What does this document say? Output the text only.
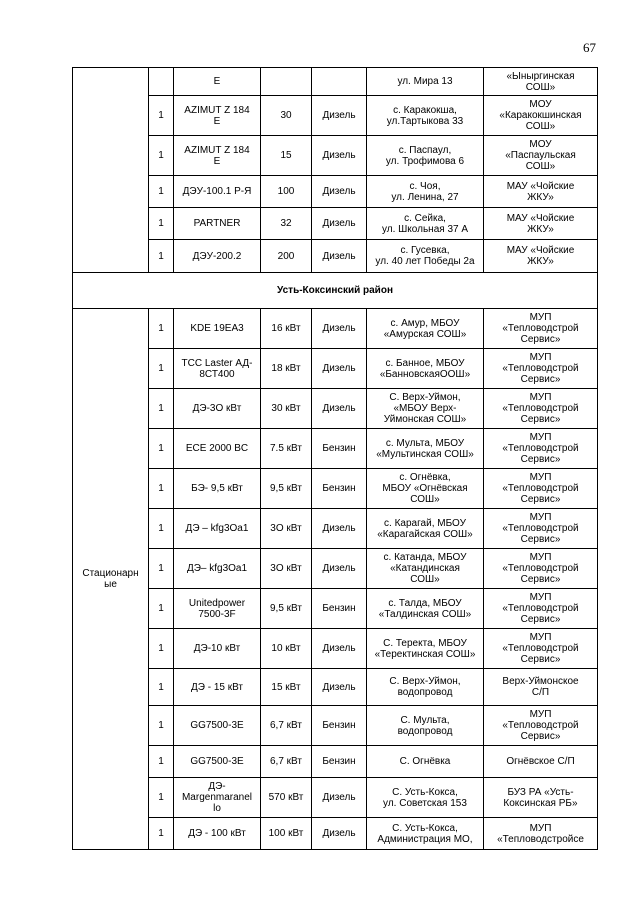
67

		E			ул. Мира 13	«Ыныргинская
СОШ»

	1	AZIMUT Z 184
E	30	Дизель	с. Каракокша,
ул.Тартыкова 33	МОУ
«Каракокшинская
СОШ»

	1	AZIMUT Z 184
E	15	Дизель	с. Паспаул,
ул. Трофимова 6	МОУ
«Паспаульская
СОШ»

	1	ДЭУ-100.1 Р-Я	100	Дизель	с. Чоя,
ул. Ленина, 27	МАУ «Чойские
ЖКУ»

	1	PARTNER	32	Дизель	с. Сейка,
ул. Школьная 37 А	МАУ «Чойские
ЖКУ»

	1	ДЭУ-200.2	200	Дизель	с. Гусевка,
ул. 40 лет Победы 2а	МАУ «Чойские
ЖКУ»

Усть-Коксинский район						

Стационарн
ые	1	KDE 19EA3	16 кВт	Дизель	с. Амур, МБОУ
«Амурская СОШ»	МУП
«Тепловодстрой
Сервис»

	1	TCC Laster АД-
8СТ400	18 кВт	Дизель	с. Банное, МБОУ
«БанновскаяООШ»	МУП
«Тепловодстрой
Сервис»

	1	ДЭ-3О кВт	30 кВт	Дизель	С. Верх-Уймон,
«МБОУ Верх-
Уймонская СОШ»	МУП
«Тепловодстрой
Сервис»

	1	ECE 2000 BC	7.5 кВт	Бензин	с. Мульта, МБОУ
«Мультинская СОШ»	МУП
«Тепловодстрой
Сервис»

	1	БЭ- 9,5 кВт	9,5 кВт	Бензин	с. Огнёвка,
МБОУ «Огнёвская
СОШ»	МУП
«Тепловодстрой
Сервис»

	1	ДЭ – kfg3Oa1	3О кВт	Дизель	с. Карагай, МБОУ
«Карагайская СОШ»	МУП
«Тепловодстрой
Сервис»

	1	ДЭ– kfg3Oa1	3О кВт	Дизель	с. Катанда, МБОУ
«Катандинская
СОШ»	МУП
«Тепловодстрой
Сервис»

	1	Unitedpower
7500-3F	9,5 кВт	Бензин	с. Талда, МБОУ
«Талдинская СОШ»	МУП
«Тепловодстрой
Сервис»

	1	ДЭ-10 кВт	10 кВт	Дизель	С. Теректа, МБОУ
«Теректинская СОШ»	МУП
«Тепловодстрой
Сервис»

	1	ДЭ - 15 кВт	15 кВт	Дизель	С. Верх-Уймон,
водопровод	Верх-Уймонское
С/П

	1	GG7500-3E	6,7 кВт	Бензин	С. Мульта,
водопровод	МУП
«Тепловодстрой
Сервис»

	1	GG7500-3E	6,7 кВт	Бензин	С. Огнёвка	Огнёвское С/П

	1	ДЭ-
Margenmaranel
lo	570 кВт	Дизель	С. Усть-Кокса,
ул. Советская 153	БУЗ РА «Усть-
Коксинская РБ»

	1	ДЭ - 100 кВт	100 кВт	Дизель	С. Усть-Кокса,
Администрация МО,	МУП
«Тепловодстройсе
